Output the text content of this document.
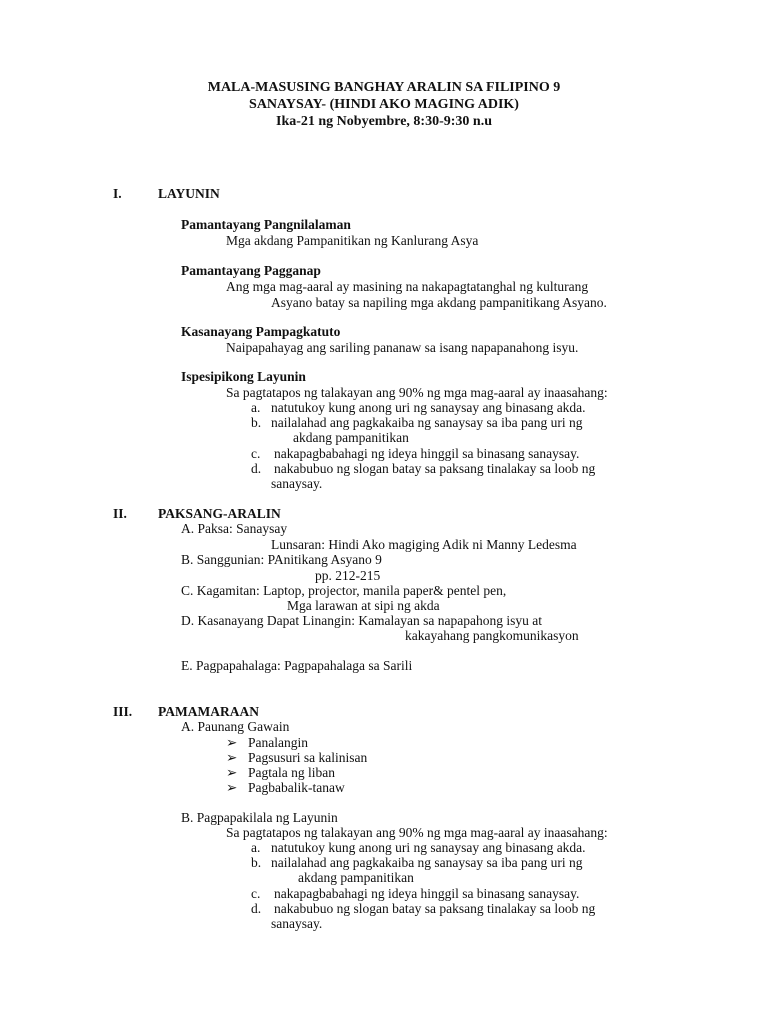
MALA-MASUSING BANGHAY ARALIN SA FILIPINO 9
SANAYSAY- (HINDI AKO MAGING ADIK)
Ika-21 ng Nobyembre, 8:30-9:30 n.u
I.	LAYUNIN
Pamantayang Pangnilalaman
Mga akdang Pampanitikan ng Kanlurang Asya
Pamantayang Pagganap
Ang mga mag-aaral ay masining na nakapagtatanghal ng kulturang
Asyano batay sa napiling mga akdang pampanitikang Asyano.
Kasanayang Pampagkatuto
Naipapahayag ang sariling pananaw sa isang napapanahong isyu.
Ispesipikong Layunin
Sa pagtatapos ng talakayan ang 90% ng mga mag-aaral ay inaasahang:
a. natutukoy kung anong uri ng sanaysay ang binasang akda.
b. nailalahad ang pagkakaiba ng sanaysay sa iba pang uri ng
akdang pampanitikan
c. nakapagbabahagi ng ideya hinggil sa binasang sanaysay.
d. nakabubuo ng slogan batay sa paksang tinalakay sa loob ng
sanaysay.
II. PAKSANG-ARALIN
A. Paksa: Sanaysay
Lunsaran: Hindi Ako magiging Adik ni Manny Ledesma
B. Sanggunian: PAnitikang Asyano 9
pp. 212-215
C. Kagamitan: Laptop, projector, manila paper& pentel pen,
Mga larawan at sipi ng akda
D. Kasanayang Dapat Linangin: Kamalayan sa napapahong isyu at
kakayahang pangkomunikasyon
E. Pagpapahalaga: Pagpapahalaga sa Sarili
III. PAMAMARAAN
A. Paunang Gawain
➢ Panalangin
➢ Pagsusuri sa kalinisan
➢ Pagtala ng liban
➢ Pagbabalik-tanaw
B. Pagpapakilala ng Layunin
Sa pagtatapos ng talakayan ang 90% ng mga mag-aaral ay inaasahang:
a. natutukoy kung anong uri ng sanaysay ang binasang akda.
b. nailalahad ang pagkakaiba ng sanaysay sa iba pang uri ng
akdang pampanitikan
c. nakapagbabahagi ng ideya hinggil sa binasang sanaysay.
d. nakabubuo ng slogan batay sa paksang tinalakay sa loob ng
sanaysay.
